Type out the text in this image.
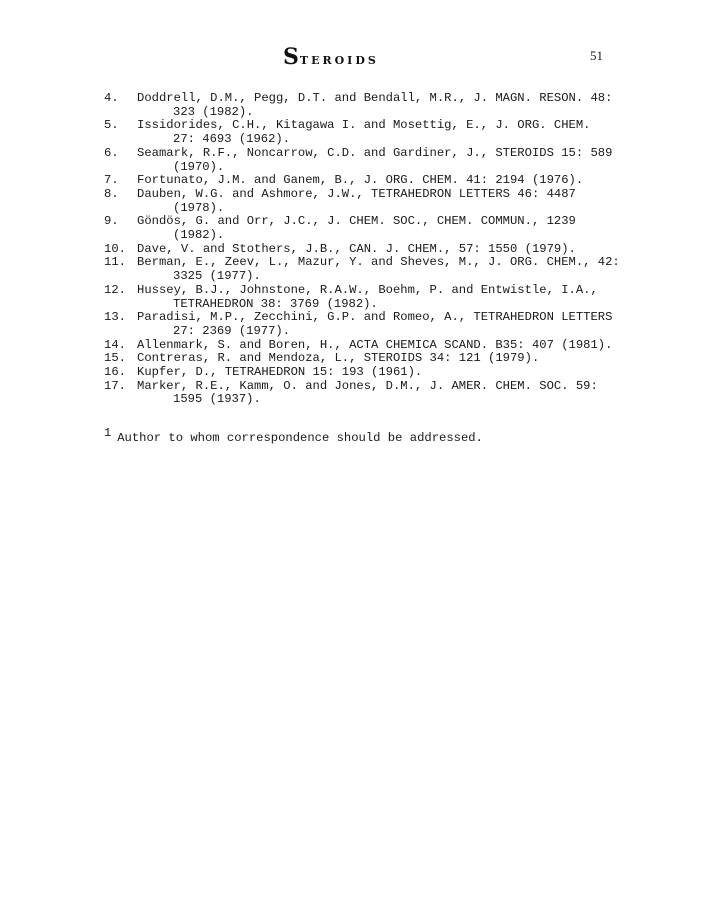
STEROIDS	51
4. Doddrell, D.M., Pegg, D.T. and Bendall, M.R., J. MAGN. RESON. 48:
323 (1982).
5. Issidorides, C.H., Kitagawa I. and Mosettig, E., J. ORG. CHEM.
27: 4693 (1962).
6. Seamark, R.F., Noncarrow, C.D. and Gardiner, J., STEROIDS 15: 589
(1970).
7. Fortunato, J.M. and Ganem, B., J. ORG. CHEM. 41: 2194 (1976).
8. Dauben, W.G. and Ashmore, J.W., TETRAHEDRON LETTERS 46: 4487
(1978).
9. Göndös, G. and Orr, J.C., J. CHEM. SOC., CHEM. COMMUN., 1239
(1982).
10. Dave, V. and Stothers, J.B., CAN. J. CHEM., 57: 1550 (1979).
11. Berman, E., Zeev, L., Mazur, Y. and Sheves, M., J. ORG. CHEM., 42:
3325 (1977).
12. Hussey, B.J., Johnstone, R.A.W., Boehm, P. and Entwistle, I.A.,
TETRAHEDRON 38: 3769 (1982).
13. Paradisi, M.P., Zecchini, G.P. and Romeo, A., TETRAHEDRON LETTERS
27: 2369 (1977).
14. Allenmark, S. and Boren, H., ACTA CHEMICA SCAND. B35: 407 (1981).
15. Contreras, R. and Mendoza, L., STEROIDS 34: 121 (1979).
16. Kupfer, D., TETRAHEDRON 15: 193 (1961).
17. Marker, R.E., Kamm, O. and Jones, D.M., J. AMER. CHEM. SOC. 59:
1595 (1937).
$^1$ Author to whom correspondence should be addressed.
